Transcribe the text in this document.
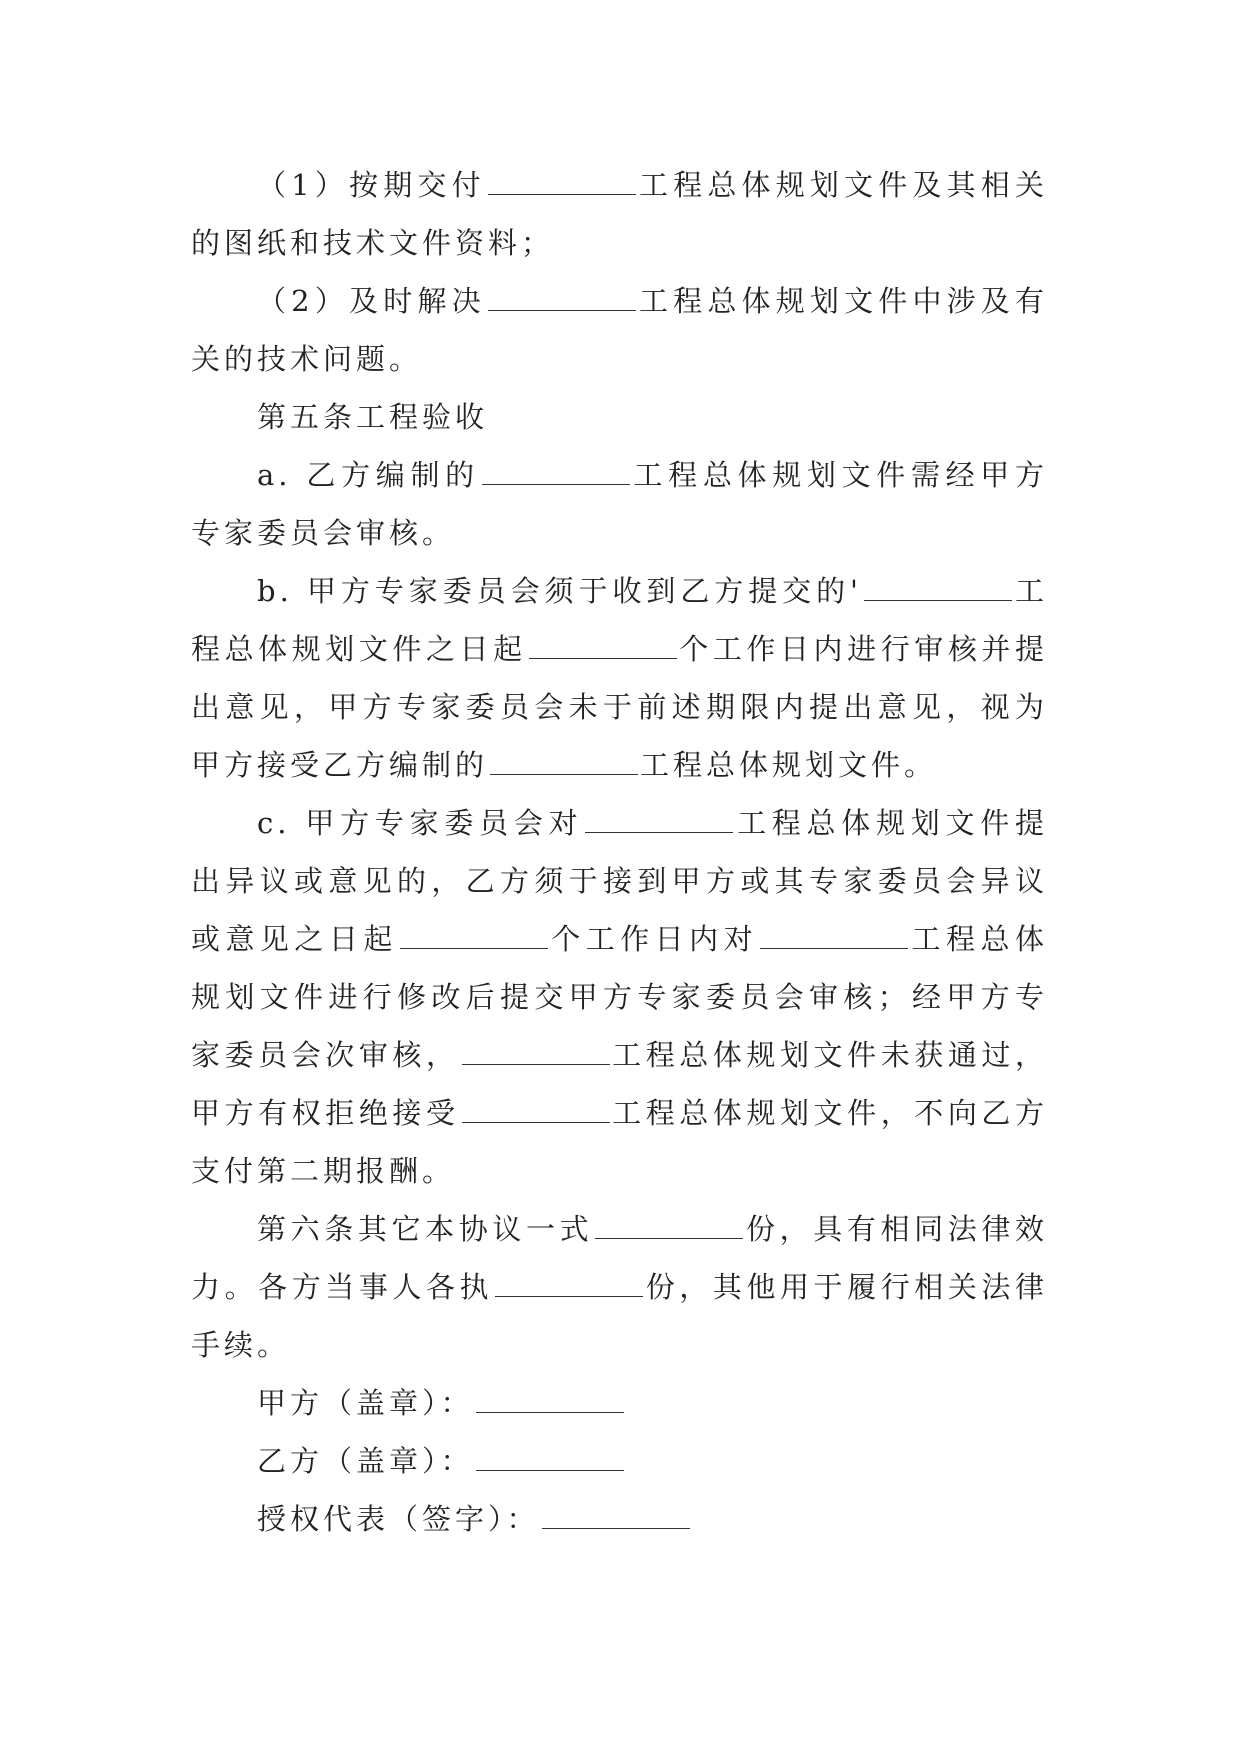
（1）按期交付	工程总体规划文件及其相关的图纸和技术文件资料；

（2）及时解决	工程总体规划文件中涉及有关的技术问题。

第五条工程验收

a. 乙方编制的	工程总体规划文件需经甲方专家委员会审核。

b. 甲方专家委员会须于收到乙方提交的'	工程总体规划文件之日起	个工作日内进行审核并提出意见，甲方专家委员会未于前述期限内提出意见，视为甲方接受乙方编制的	工程总体规划文件。

c. 甲方专家委员会对	工程总体规划文件提出异议或意见的，乙方须于接到甲方或其专家委员会异议或意见之日起	个工作日内对	工程总体规划文件进行修改后提交甲方专家委员会审核；经甲方专家委员会次审核，	工程总体规划文件未获通过，甲方有权拒绝接受	工程总体规划文件，不向乙方支付第二期报酬。

第六条其它本协议一式	份，具有相同法律效力。各方当事人各执	份，其他用于履行相关法律手续。

甲方（盖章）：

乙方（盖章）：

授权代表（签字）：
